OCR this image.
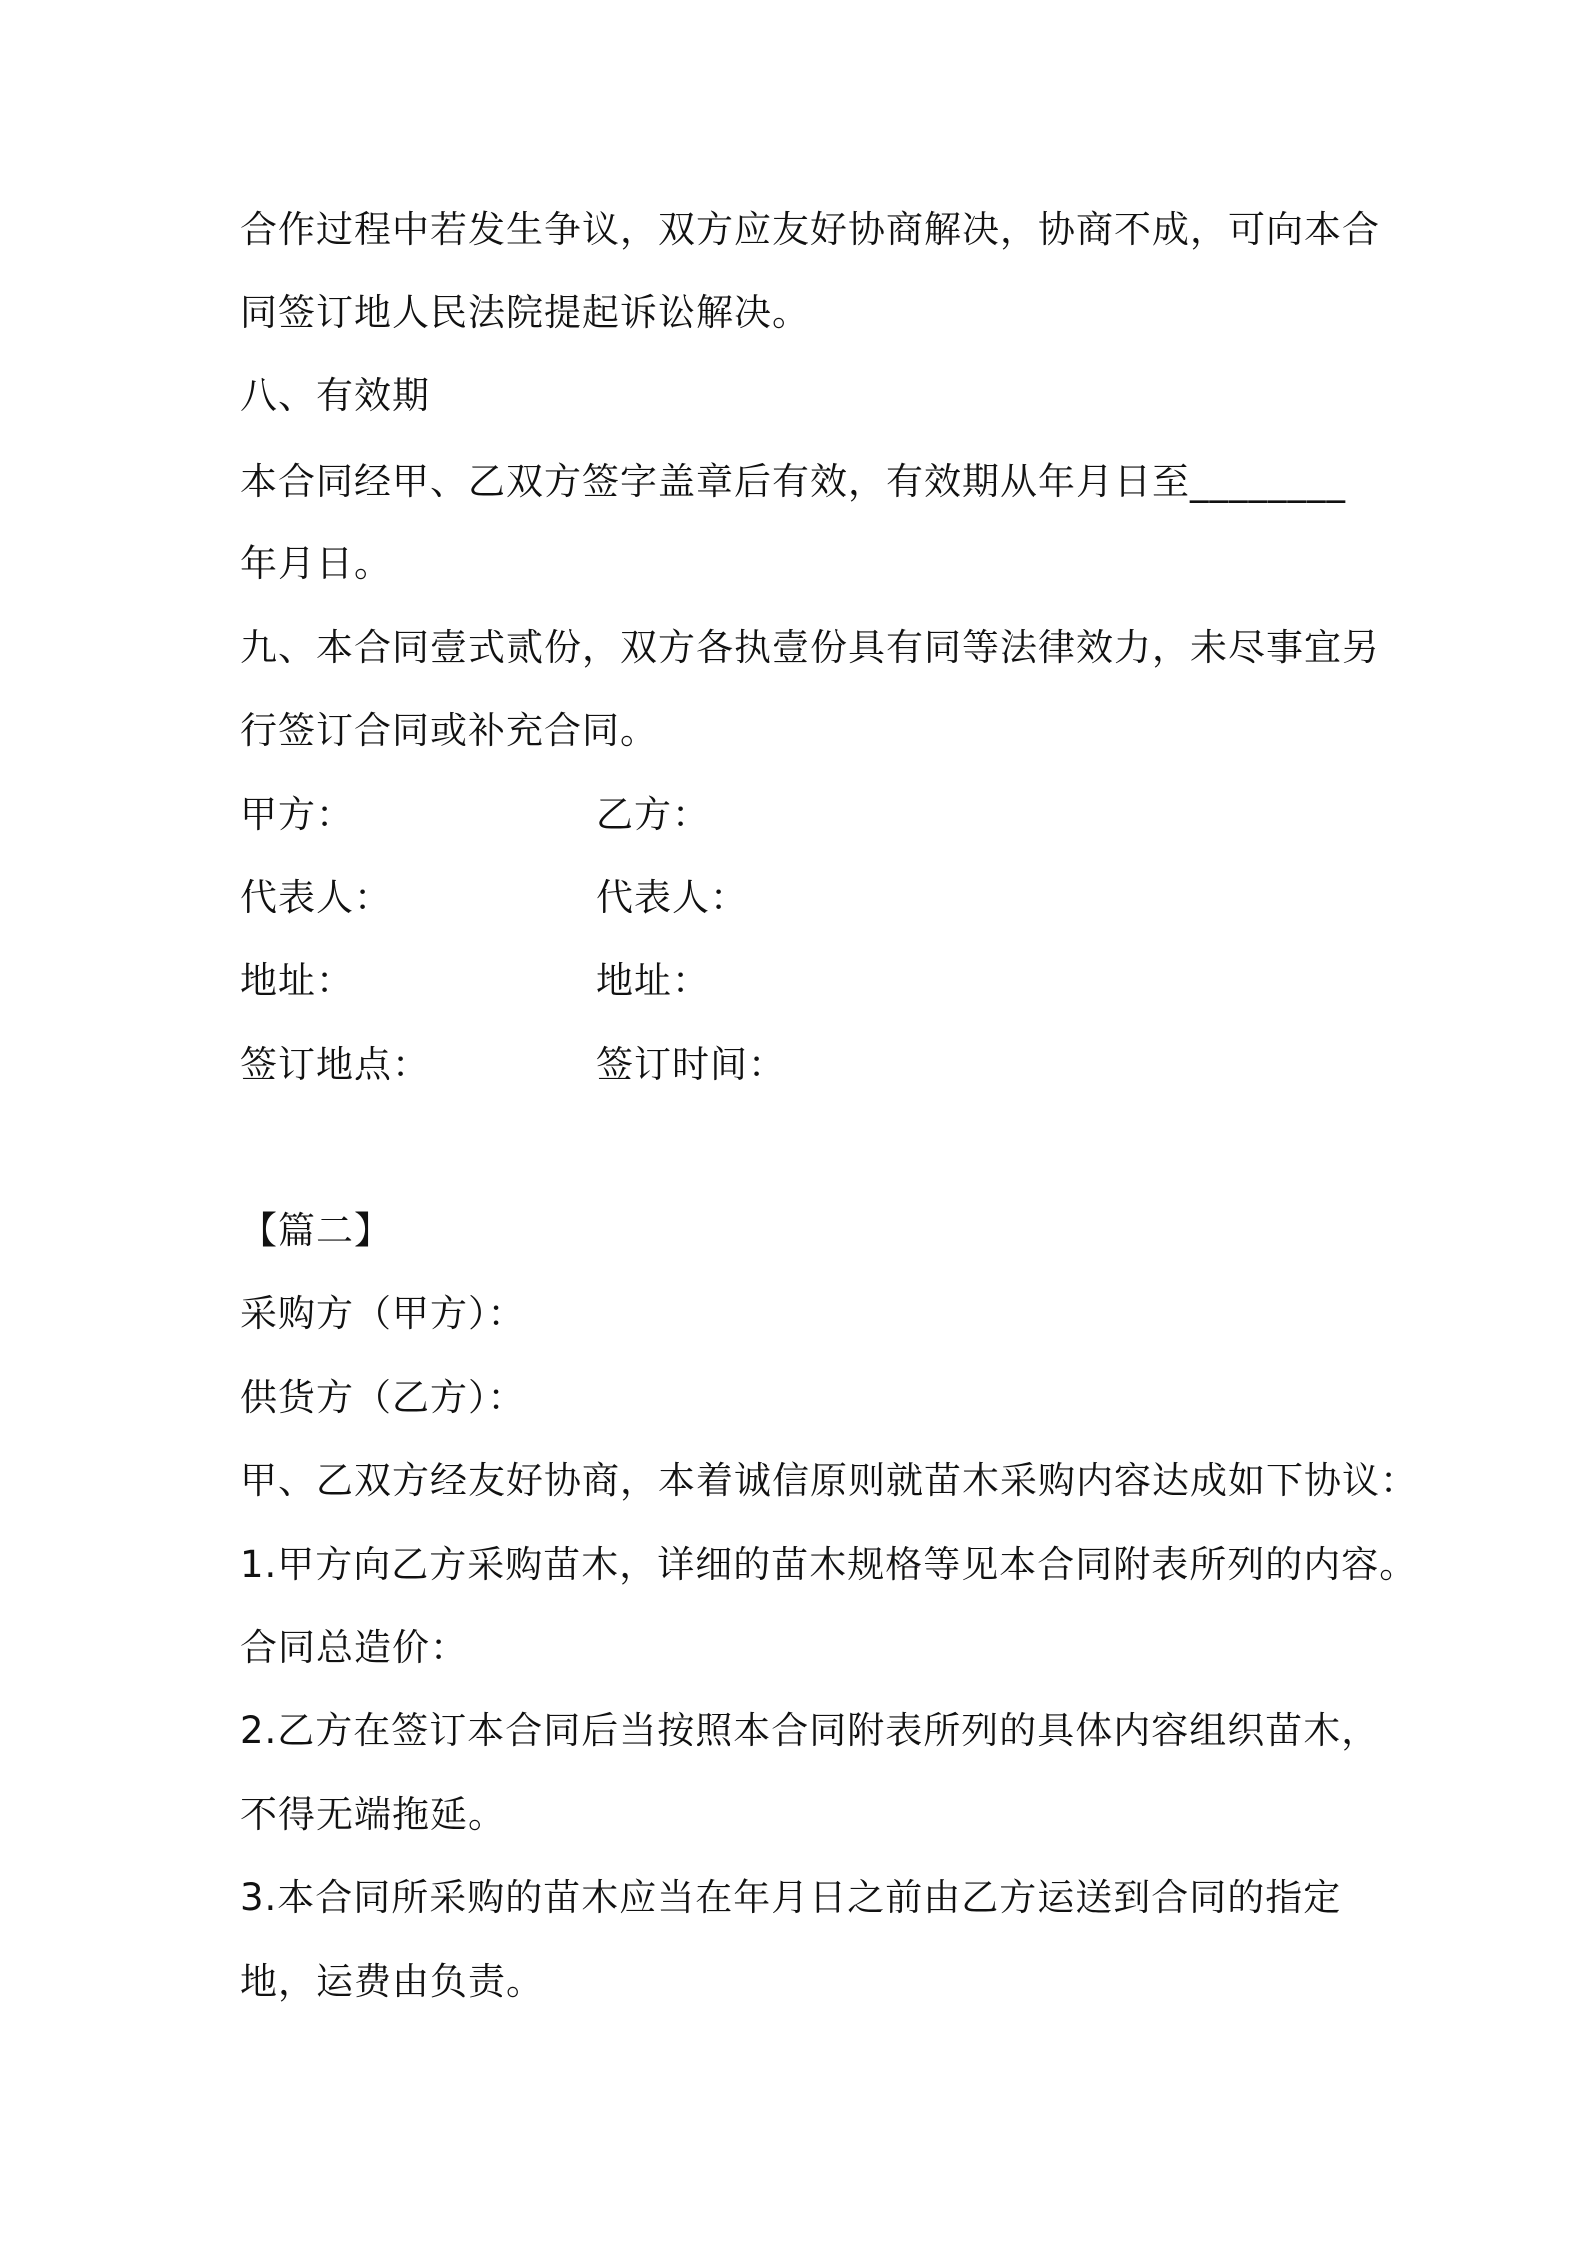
合作过程中若发生争议，双方应友好协商解决，协商不成，可向本合
同签订地人民法院提起诉讼解决。
八、有效期
本合同经甲、乙双方签字盖章后有效，有效期从年月日至________
年月日。
九、本合同壹式贰份，双方各执壹份具有同等法律效力，未尽事宜另
行签订合同或补充合同。
甲方：	乙方：
代表人：	代表人：
地址：	地址：
签订地点：	签订时间：
【篇二】
采购方（甲方）：
供货方（乙方）：
甲、乙双方经友好协商，本着诚信原则就苗木采购内容达成如下协议：
1.甲方向乙方采购苗木，详细的苗木规格等见本合同附表所列的内容。
合同总造价：
2.乙方在签订本合同后当按照本合同附表所列的具体内容组织苗木，
不得无端拖延。
3.本合同所采购的苗木应当在年月日之前由乙方运送到合同的指定
地，运费由负责。
